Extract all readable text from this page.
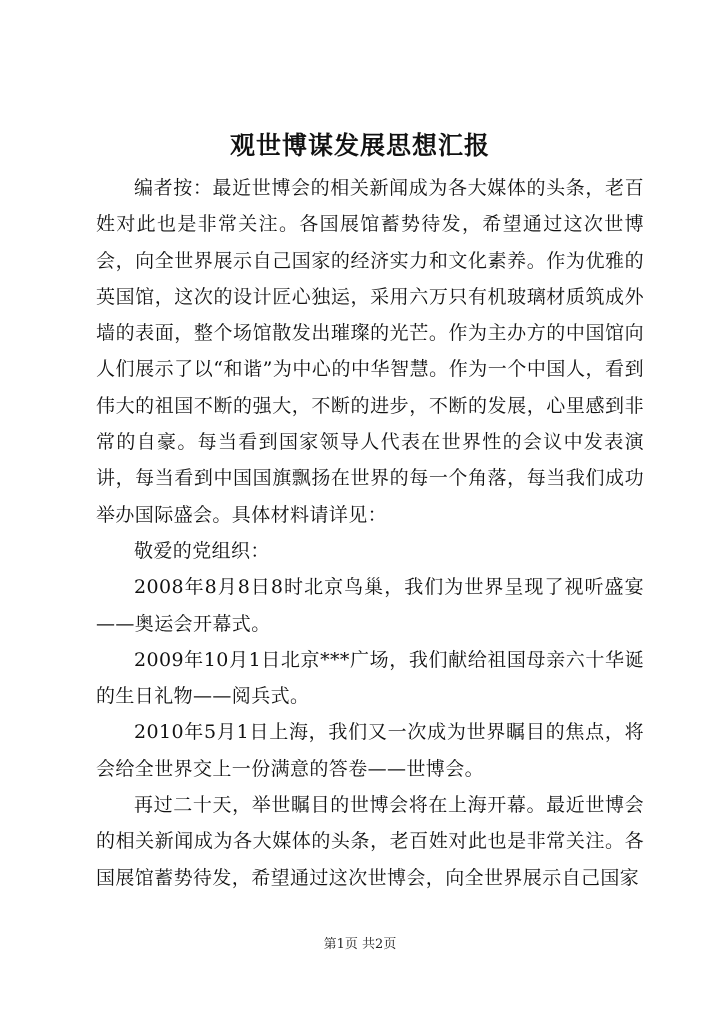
观世博谋发展思想汇报

编者按：最近世博会的相关新闻成为各大媒体的头条，老百姓对此也是非常关注。各国展馆蓄势待发，希望通过这次世博会，向全世界展示自己国家的经济实力和文化素养。作为优雅的英国馆，这次的设计匠心独运，采用六万只有机玻璃材质筑成外墙的表面，整个场馆散发出璀璨的光芒。作为主办方的中国馆向人们展示了以“和谐”为中心的中华智慧。作为一个中国人，看到伟大的祖国不断的强大，不断的进步，不断的发展，心里感到非常的自豪。每当看到国家领导人代表在世界性的会议中发表演讲，每当看到中国国旗飘扬在世界的每一个角落，每当我们成功举办国际盛会。具体材料请详见：

敬爱的党组织：

2008年8月8日8时北京鸟巢，我们为世界呈现了视听盛宴——奥运会开幕式。

2009年10月1日北京***广场，我们献给祖国母亲六十华诞的生日礼物——阅兵式。

2010年5月1日上海，我们又一次成为世界瞩目的焦点，将会给全世界交上一份满意的答卷——世博会。

再过二十天，举世瞩目的世博会将在上海开幕。最近世博会的相关新闻成为各大媒体的头条，老百姓对此也是非常关注。各国展馆蓄势待发，希望通过这次世博会，向全世界展示自己国家

第1页 共2页
